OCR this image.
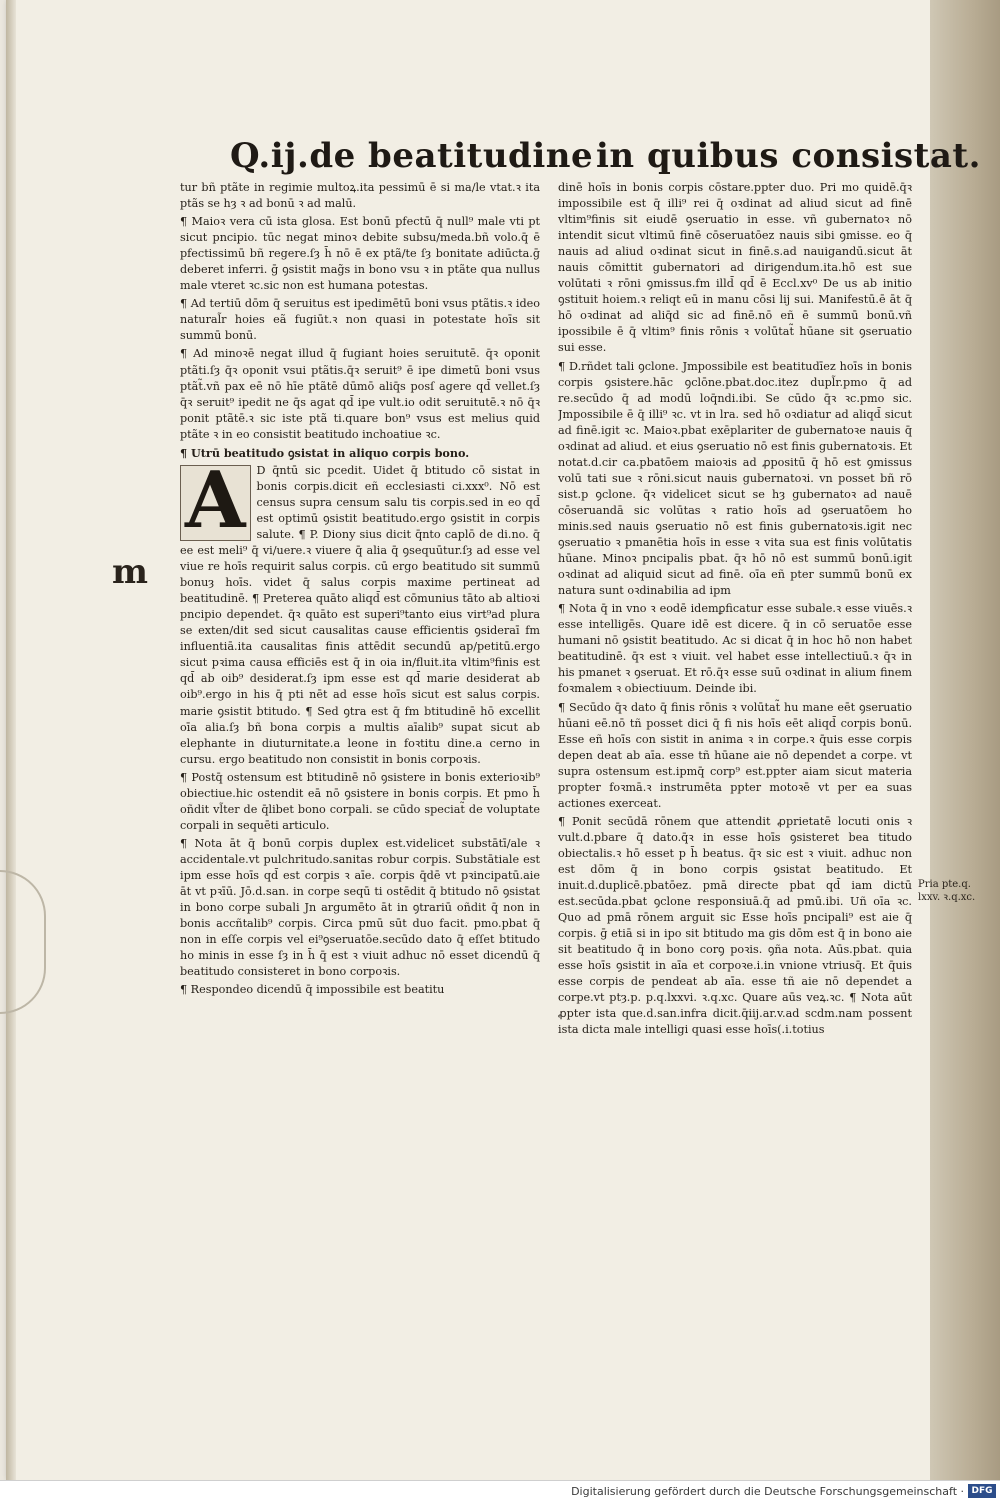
Q.ij.de beatitudine in quibus consistat.
m
Pria pte.q. lxxv. ꝛ.q.xc.

tur bñ ptãte in regimie multoꝝ.ita pessimū ē si ma/le vtat.ꝛ ita ptãs se hȝ ꝛ ad bonū ꝛ ad malū.

¶ Maioꝛ vera cū ista glosa. Est bonū pfectū q̄ null⁹ male vti pt sicut pncipio. tūc negat minoꝛ debite subsu/meda.bñ volo.q̄ ē pfectissimū bñ regere.ſȝ h̄ nō ē ex ptã/te ſȝ bonitate adiūcta.ḡ deberet inferri. ḡ ꝯsistit mag̃s in bono vsu ꝛ in ptãte qua nullus male vteret ꝛc.sic non est humana potestas.

¶ Ad tertiū dōm q̄ seruitus est ipedimētū boni vsus ptãtis.ꝛ ideo natural̃r hoies eã fugiūt.ꝛ non quasi in potestate hoīs sit summū bonū.

¶ Ad minoꝛē negat illud q̄ fugiant hoies seruitutē. q̄ꝛ oponit ptãti.ſȝ q̄ꝛ oponit vsui ptãtis.q̄ꝛ seruit⁹ ē ipe dimetū boni vsus ptãt̃.vñ pax eē nō hīe ptãtē dūmō aliq̄s posſ agere qd̄ vellet.ſȝ q̄ꝛ seruit⁹ ipedit ne q̄s agat qd̄ ipe vult.io odit seruitutē.ꝛ nō q̄ꝛ ponit ptãtē.ꝛ sic iste ptã ti.quare bon⁹ vsus est melius quid ptãte ꝛ in eo consistit beatitudo inchoatiue ꝛc.

¶ Utrū beatitudo ꝯsistat in aliquo corpis bono.

A D q̄ntū sic pcedit. Uidet q̄ btitudo cō sistat in bonis corpis.dicit eñ ecclesiasti ci.xxx⁰. Nō est census supra censum salu tis corpis.sed in eo qd̄ est optimū ꝯsistit beatitudo.ergo ꝯsistit in corpis salute. ¶ P. Diony sius dicit q̄nto caplō de di.no. q̄ ee est meli⁹ q̄ vi/uere.ꝛ viuere q̄ alia q̄ ꝯsequūtur.ſȝ ad esse vel viue re hoīs requirit salus corpis. cū ergo beatitudo sit summū bonuȝ hoīs. videt q̄ salus corpis maxime pertineat ad beatitudinē. ¶ Preterea quāto aliqd̄ est cōmunius tāto ab altioꝛi pncipio dependet. q̄ꝛ quāto est superi⁹tanto eius virt⁹ad plura se exten/dit sed sicut causalitas cause efficientis ꝯsideraī fm influentiā.ita causalitas finis attēdit secundū ap/petitū.ergo sicut pꝛima causa efficiēs est q̄ in oia in/fluit.ita vltim⁹finis est qd̄ ab oib⁹ desiderat.ſȝ ipm esse est qd̄ marie desiderat ab oib⁹.ergo in his q̄ pti nēt ad esse hoīs sicut est salus corpis. marie ꝯsistit btitudo. ¶ Sed ꝯtra est q̄ fm btitudinē hō excellit oīa alia.ſȝ bñ bona corpis a multis aīalib⁹ supat sicut ab elephante in diuturnitate.a leone in foꝛtitu dine.a cerno in cursu. ergo beatitudo non consistit in bonis corpoꝛis.

¶ Postq̄ ostensum est btitudinē nō ꝯsistere in bonis exterioꝛib⁹ obiectiue.hic ostendit eā nō ꝯsistere in bonis corpis. Et pmo h̄ oñdit vl̃ter de q̄libet bono corpali. se cūdo speciat̃ de voluptate corpali in sequēti articulo.

¶ Nota āt q̄ bonū corpis duplex est.videlicet substātī/ale ꝛ accidentale.vt pulchritudo.sanitas robur corpis. Substātiale est ipm esse hoīs qd̄ est corpis ꝛ aīe. corpis q̄dē vt pꝛincipatū.aie āt vt pꝛīū. Jō.d.san. in corpe seqū ti ostēdit q̄ btitudo nō ꝯsistat in bono corpe subali Jn argumēto āt in ꝯtrariū oñdit q̄ non in bonis accñtalib⁹ corpis. Circa pmū sūt duo facit. pmo.pbat q̄ non in eſſe corpis vel ei⁹ꝯseruatōe.secūdo dato q̄ eſſet btitudo ho minis in esse ſȝ in h̄ q̄ est ꝛ viuit adhuc nō esset dicendū q̄ beatitudo consisteret in bono corpoꝛis.

¶ Respondeo dicendū q̄ impossibile est beatitu

dinē hoīs in bonis corpis cōstare.ppter duo. Pri mo quidē.q̄ꝛ impossibile est q̄ illi⁹ rei q̄ oꝛdinat ad aliud sicut ad finē vltim⁹finis sit eiudē ꝯseruatio in esse. vñ gubernatoꝛ nō intendit sicut vltimū finē cōseruatōez nauis sibi ꝯmisse. eo q̄ nauis ad aliud oꝛdinat sicut in finē.s.ad nauigandū.sicut āt nauis cōmittit gubernatori ad dirigendum.ita.hō est sue volūtati ꝛ rōni ꝯmissus.fm illd̄ qd̄ ē Eccl.xv⁰ De us ab initio ꝯstituit hoiem.ꝛ reliqt eū in manu cōsi lij sui. Manifestū.ē āt q̄ hō oꝛdinat ad aliq̄d sic ad finē.nō eñ ē summū bonū.vñ ipossibile ē q̄ vltim⁹ finis rōnis ꝛ volūtat̃ hūane sit ꝯseruatio sui esse.

¶ D.rñdet tali ꝯclone. Jmpossibile est beatitudīez hoīs in bonis corpis ꝯsistere.hāc ꝯclōne.pbat.doc.itez dupl̃r.pmo q̄ ad re.secūdo q̄ ad modū loq̄ndi.ibi. Se cūdo q̄ꝛ ꝛc.pmo sic. Jmpossibile ē q̄ illi⁹ ꝛc. vt in lra. sed hō oꝛdiatur ad aliqd̄ sicut ad finē.igit ꝛc. Maioꝛ.pbat exēplariter de gubernatoꝛe nauis q̄ oꝛdinat ad aliud. et eius ꝯseruatio nō est finis gubernatoꝛis. Et notat.d.cir ca.pbatōem maioꝛis ad ꝓpositū q̄ hō est ꝯmissus volū tati sue ꝛ rōni.sicut nauis gubernatoꝛi. vn posset bñ rō sist.p ꝯclone. q̄ꝛ videlicet sicut se hȝ gubernatoꝛ ad nauē cōseruandā sic volūtas ꝛ ratio hoīs ad ꝯseruatōem ho minis.sed nauis ꝯseruatio nō est finis gubernatoꝛis.igit nec ꝯseruatio ꝛ pmanētia hoīs in esse ꝛ vita sua est finis volūtatis hūane. Minoꝛ pncipalis pbat. q̄ꝛ hō nō est summū bonū.igit oꝛdinat ad aliquid sicut ad finē. oīa eñ pter summū bonū ex natura sunt oꝛdinabilia ad ipm

¶ Nota q̄ in vno ꝛ eodē idemꝑficatur esse subale.ꝛ esse viuēs.ꝛ esse intelligēs. Quare idē est dicere. q̄ in cō seruatōe esse humani nō ꝯsistit beatitudo. Ac si dicat q̄ in hoc hō non habet beatitudinē. q̄ꝛ est ꝛ viuit. vel habet esse intellectiuū.ꝛ q̄ꝛ in his pmanet ꝛ ꝯseruat. Et rō.q̄ꝛ esse suū oꝛdinat in alium finem foꝛmalem ꝛ obiectiuum. Deinde ibi.

¶ Secūdo q̄ꝛ dato q̄ finis rōnis ꝛ volūtat̃ hu mane eēt ꝯseruatio hūani eē.nō tñ posset dici q̄ fi nis hoīs eēt aliqd̄ corpis bonū. Esse eñ hoīs con sistit in anima ꝛ in corpe.ꝛ q̄uis esse corpis depen deat ab aīa. esse tñ hūane aie nō dependet a corpe. vt supra ostensum est.ipmq̄ corp⁹ est.ppter aiam sicut materia propter foꝛmā.ꝛ instrumēta ppter motoꝛē vt per ea suas actiones exerceat.

¶ Ponit secūdā rōnem que attendit ꝓprietatē locuti onis ꝛ vult.d.pbare q̄ dato.q̄ꝛ in esse hoīs ꝯsisteret bea titudo obiectalis.ꝛ hō esset p h̄ beatus. q̄ꝛ sic est ꝛ viuit. adhuc non est dōm q̄ in bono corpis ꝯsistat beatitudo. Et inuit.d.duplicē.pbatōez. pmā directe pbat qd̄ iam dictū est.secūda.pbat ꝯclone responsiuā.q̄ ad pmū.ibi. Uñ oīa ꝛc. Quo ad pmā rōnem arguit sic Esse hoīs pncipali⁹ est aie q̄ corpis. ḡ etiā si in ipo sit btitudo ma gis dōm est q̄ in bono aie sit beatitudo q̄ in bono corꝯ poꝛis. ꝯña nota. Aūs.pbat. quia esse hoīs ꝯsistit in aīa et corpoꝛe.i.in vnione vtriusq̄. Et q̄uis esse corpis de pendeat ab aīa. esse tñ aie nō dependet a corpe.vt ptȝ.p. p.q.lxxvi. ꝛ.q.xc. Quare aūs veꝝ.ꝛc. ¶ Nota aūt ꝓpter ista que.d.san.infra dicit.q̄iij.ar.v.ad scdm.nam possent ista dicta male intelligi quasi esse hoīs(.i.totius

Digitalisierung gefördert durch die Deutsche Forschungsgemeinschaft · DFG
